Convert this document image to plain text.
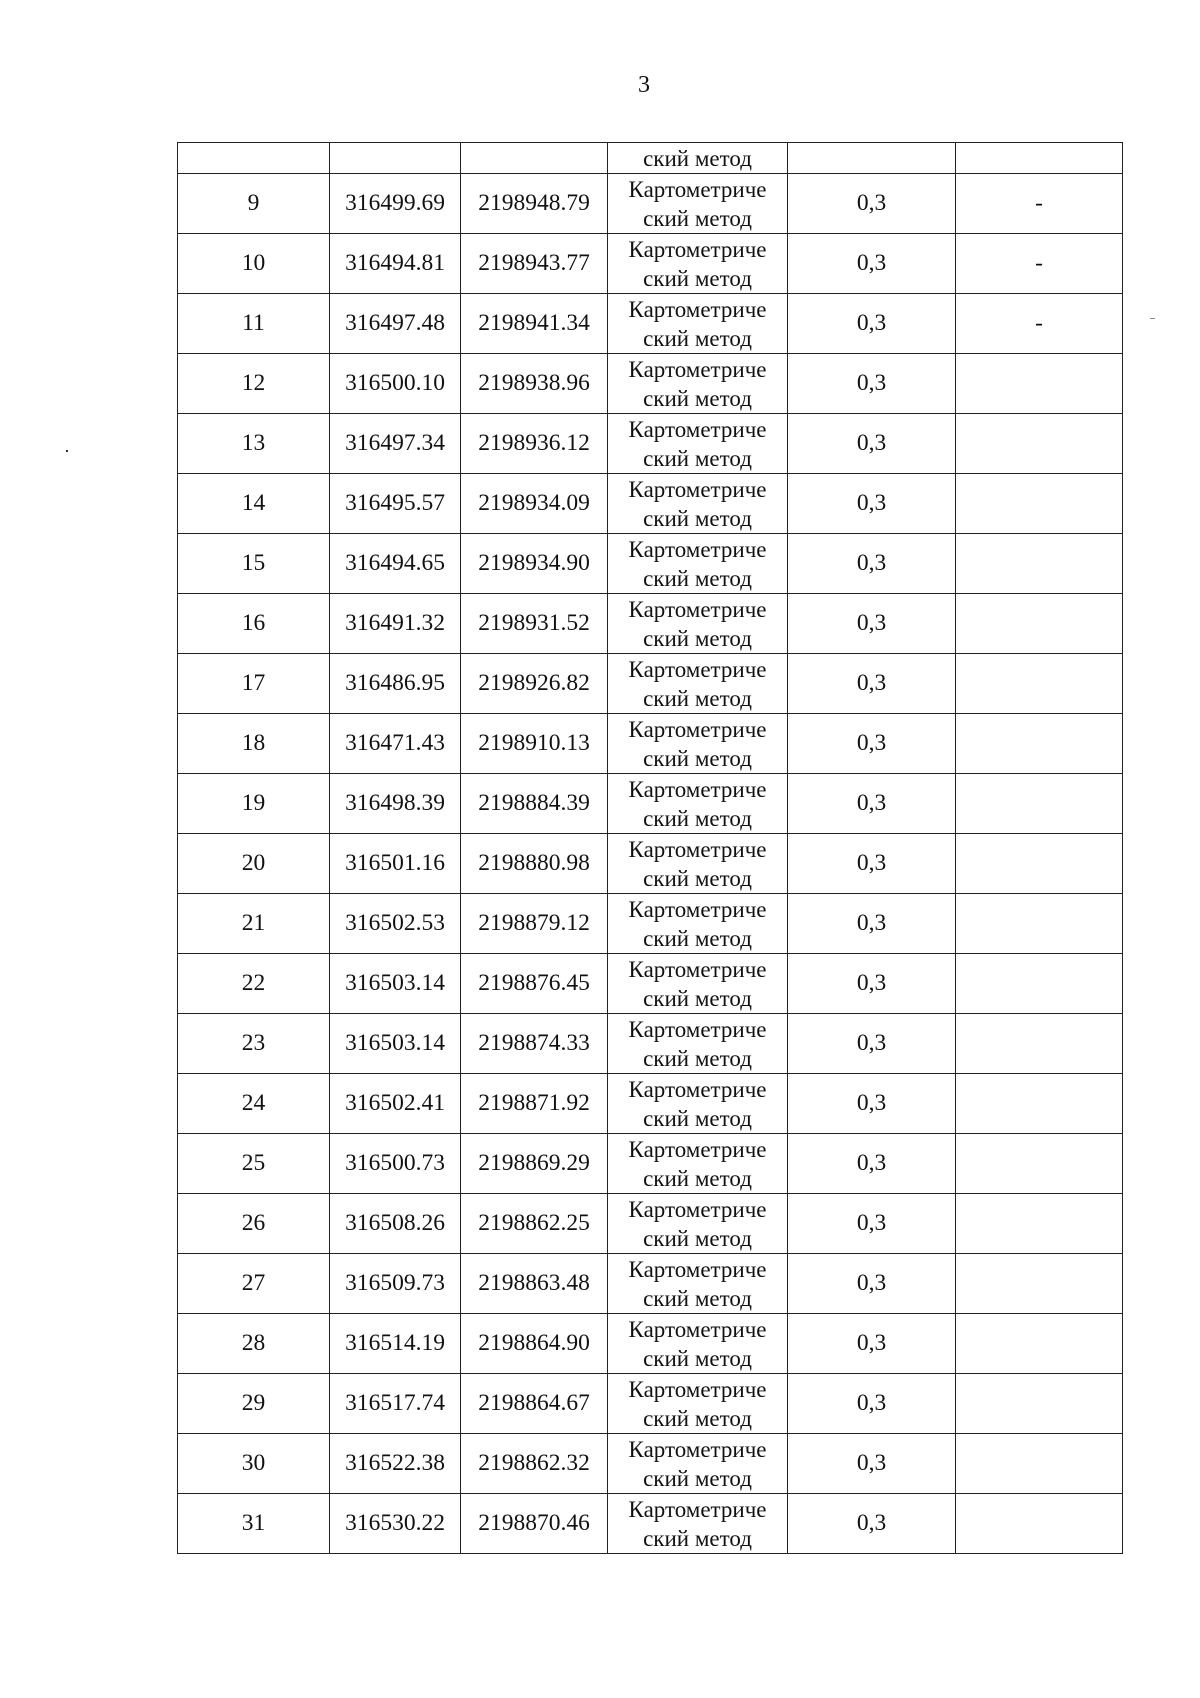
3
			ский метод		
9	316499.69	2198948.79	Картометриче
ский метод	0,3	-
10	316494.81	2198943.77	Картометриче
ский метод	0,3	-
11	316497.48	2198941.34	Картометриче
ский метод	0,3	-
12	316500.10	2198938.96	Картометриче
ский метод	0,3	
13	316497.34	2198936.12	Картометриче
ский метод	0,3	
14	316495.57	2198934.09	Картометриче
ский метод	0,3	
15	316494.65	2198934.90	Картометриче
ский метод	0,3	
16	316491.32	2198931.52	Картометриче
ский метод	0,3	
17	316486.95	2198926.82	Картометриче
ский метод	0,3	
18	316471.43	2198910.13	Картометриче
ский метод	0,3	
19	316498.39	2198884.39	Картометриче
ский метод	0,3	
20	316501.16	2198880.98	Картометриче
ский метод	0,3	
21	316502.53	2198879.12	Картометриче
ский метод	0,3	
22	316503.14	2198876.45	Картометриче
ский метод	0,3	
23	316503.14	2198874.33	Картометриче
ский метод	0,3	
24	316502.41	2198871.92	Картометриче
ский метод	0,3	
25	316500.73	2198869.29	Картометриче
ский метод	0,3	
26	316508.26	2198862.25	Картометриче
ский метод	0,3	
27	316509.73	2198863.48	Картометриче
ский метод	0,3	
28	316514.19	2198864.90	Картометриче
ский метод	0,3	
29	316517.74	2198864.67	Картометриче
ский метод	0,3	
30	316522.38	2198862.32	Картометриче
ский метод	0,3	
31	316530.22	2198870.46	Картометриче
ский метод	0,3	
